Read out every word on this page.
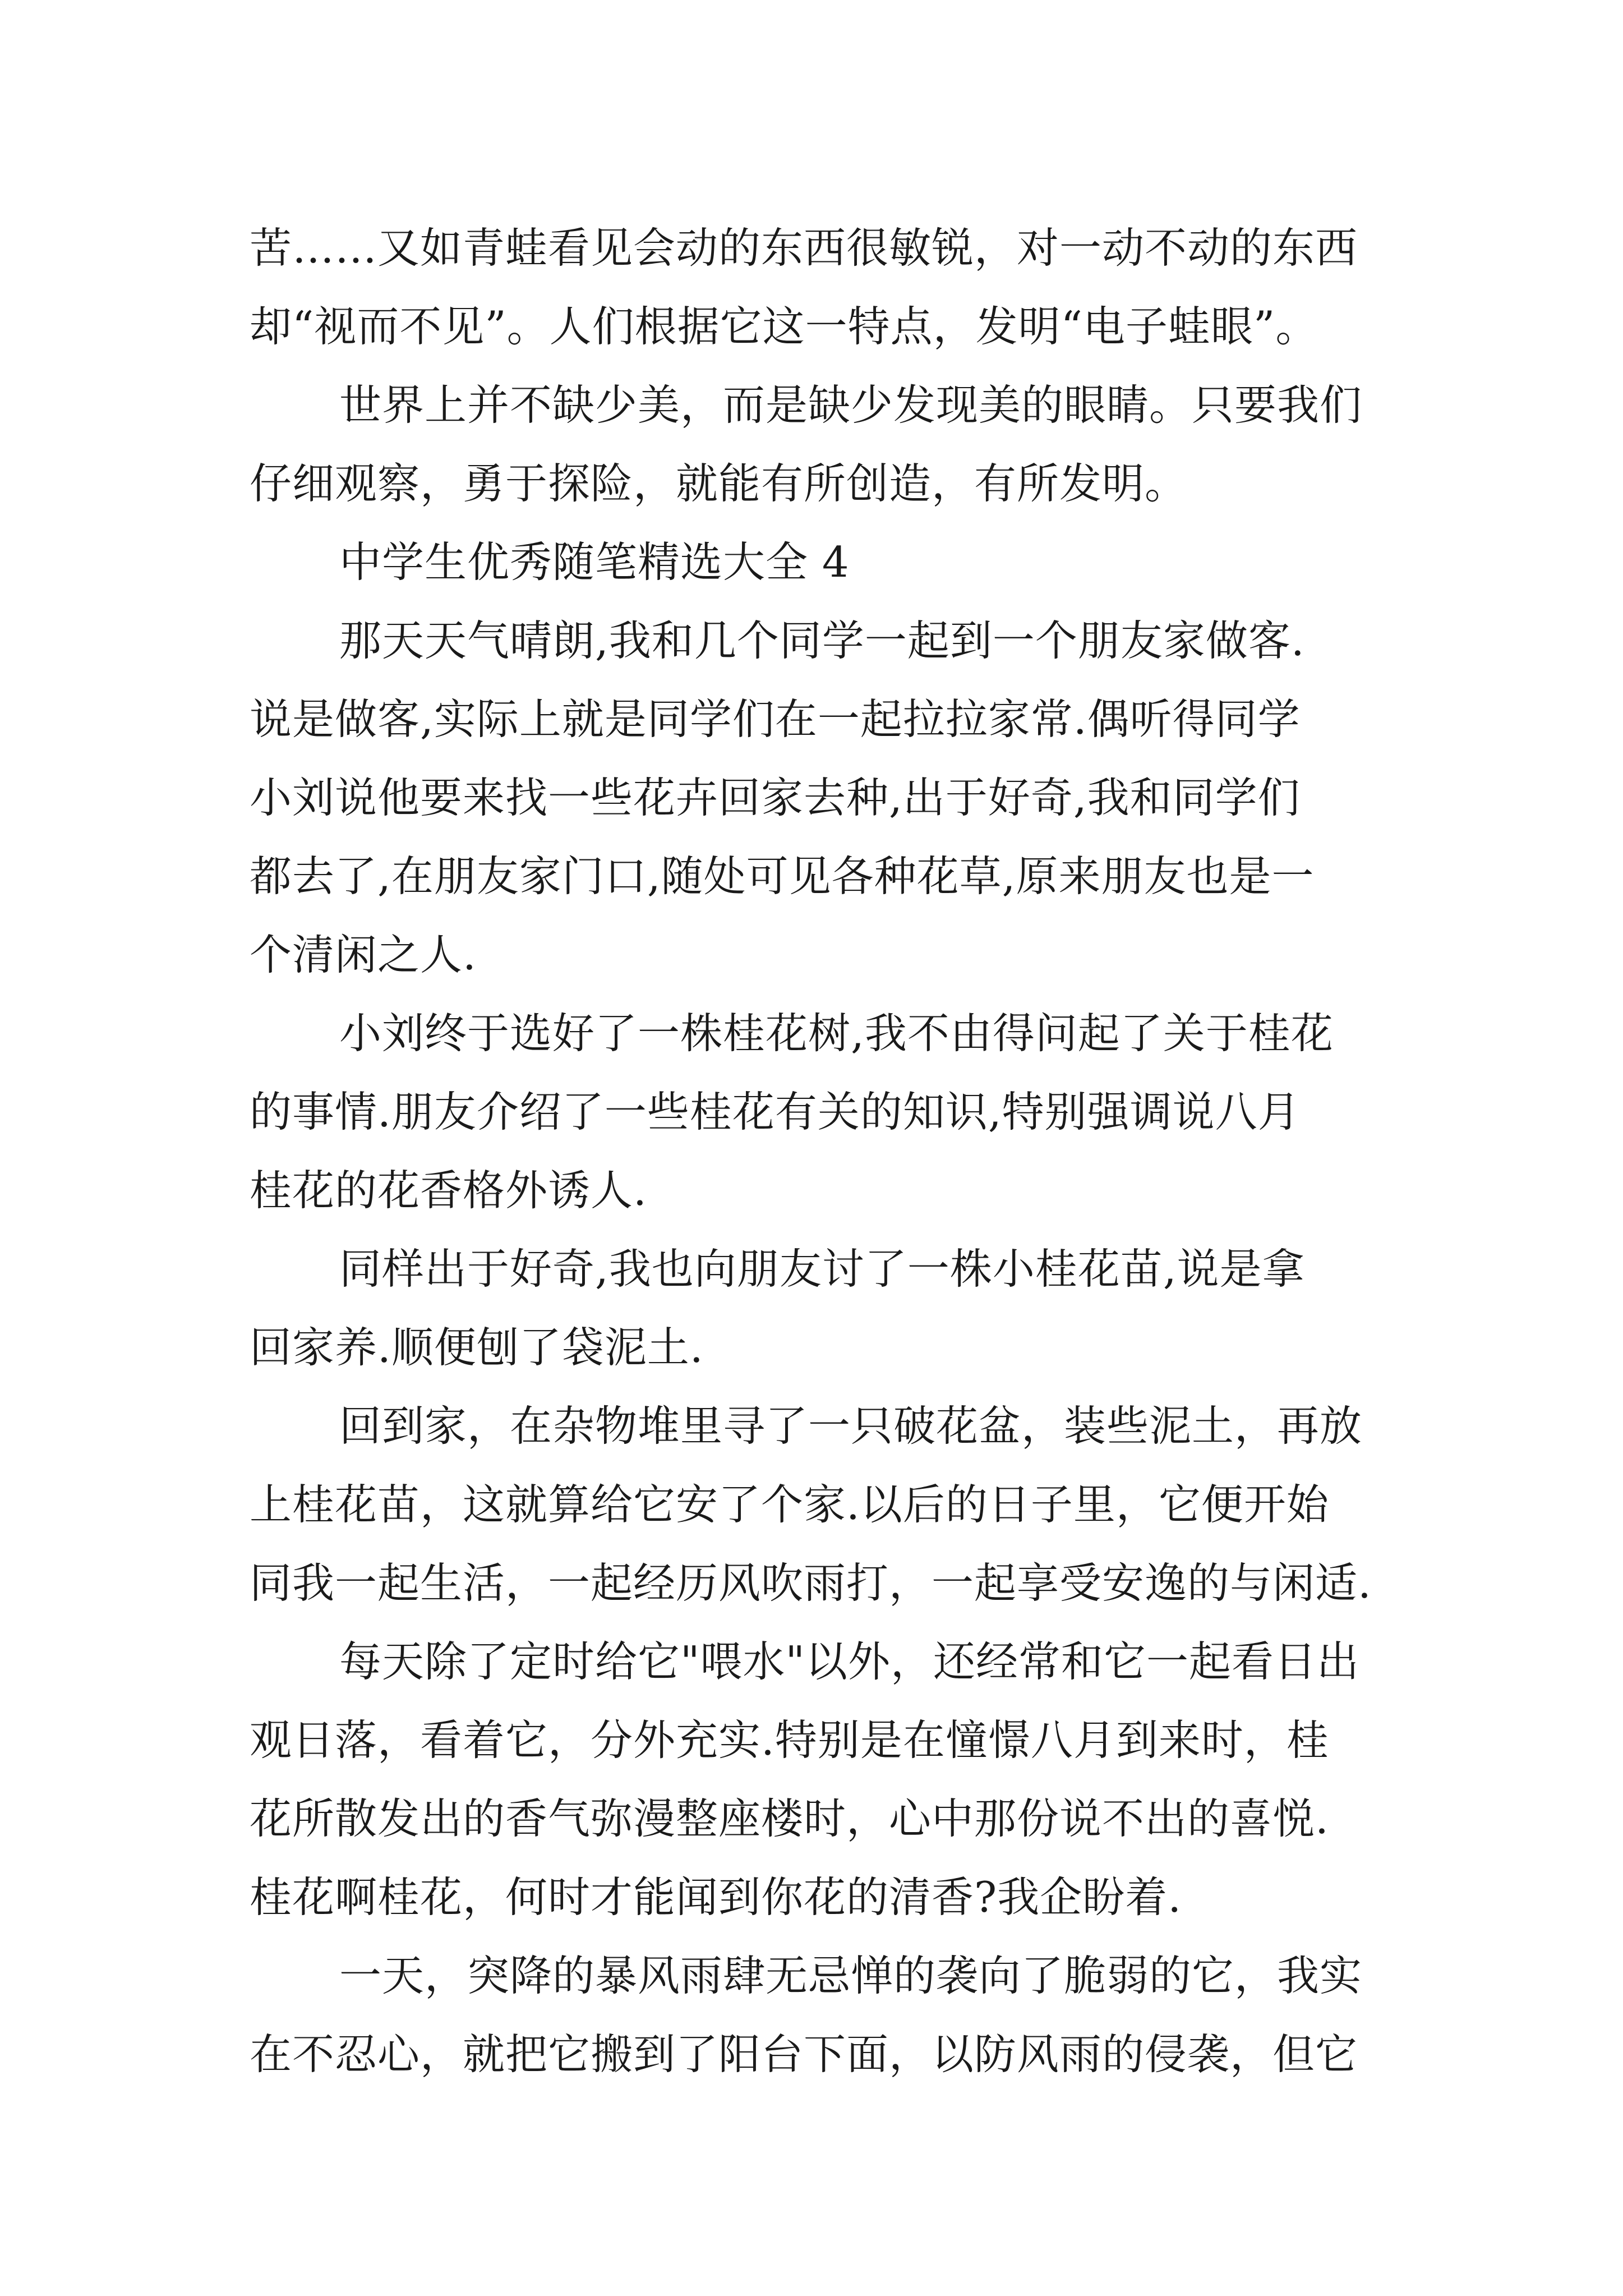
苦……又如青蛙看见会动的东西很敏锐，对一动不动的东西
却“视而不见”。人们根据它这一特点，发明“电子蛙眼”。
世界上并不缺少美，而是缺少发现美的眼睛。只要我们
仔细观察，勇于探险，就能有所创造，有所发明。
中学生优秀随笔精选大全 4
那天天气晴朗,我和几个同学一起到一个朋友家做客.
说是做客,实际上就是同学们在一起拉拉家常.偶听得同学
小刘说他要来找一些花卉回家去种,出于好奇,我和同学们
都去了,在朋友家门口,随处可见各种花草,原来朋友也是一
个清闲之人.
小刘终于选好了一株桂花树,我不由得问起了关于桂花
的事情.朋友介绍了一些桂花有关的知识,特别强调说八月
桂花的花香格外诱人.
同样出于好奇,我也向朋友讨了一株小桂花苗,说是拿
回家养.顺便刨了袋泥土.
回到家，在杂物堆里寻了一只破花盆，装些泥土，再放
上桂花苗，这就算给它安了个家.以后的日子里，它便开始
同我一起生活，一起经历风吹雨打，一起享受安逸的与闲适.
每天除了定时给它"喂水"以外，还经常和它一起看日出
观日落，看着它，分外充实.特别是在憧憬八月到来时，桂
花所散发出的香气弥漫整座楼时，心中那份说不出的喜悦.
桂花啊桂花，何时才能闻到你花的清香?我企盼着.
一天，突降的暴风雨肆无忌惮的袭向了脆弱的它，我实
在不忍心，就把它搬到了阳台下面，以防风雨的侵袭，但它
